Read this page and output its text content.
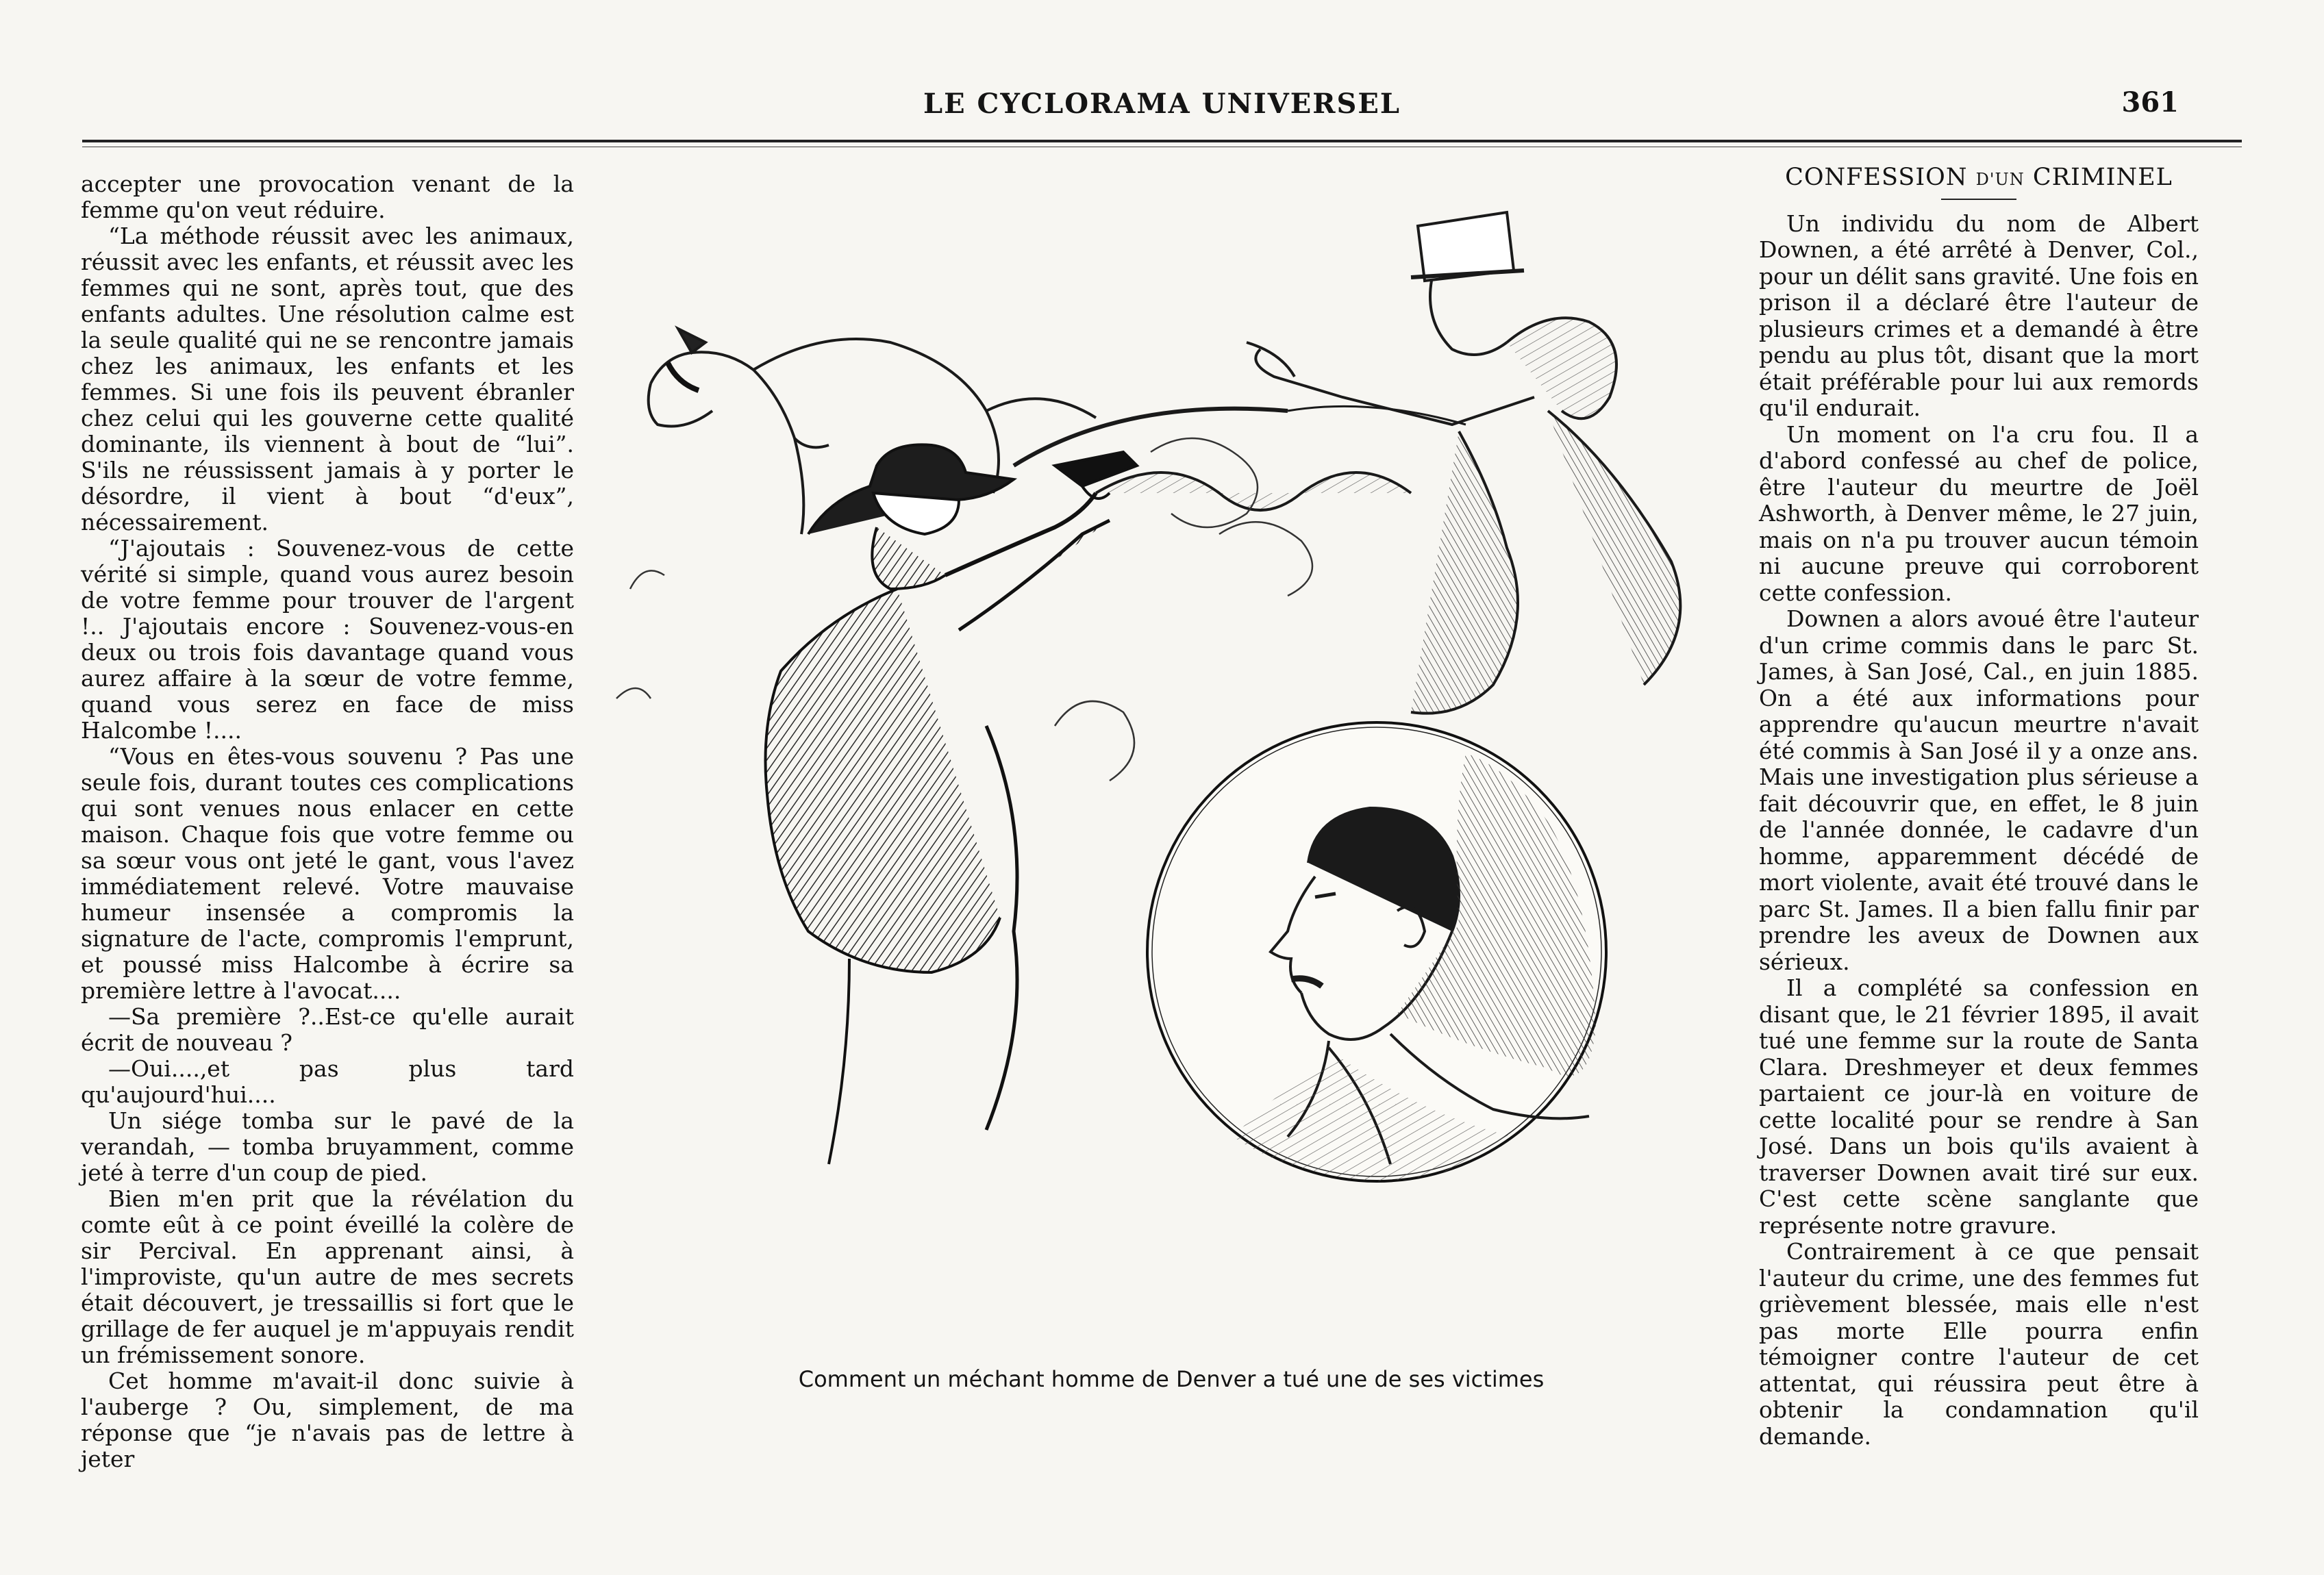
LE CYCLORAMA UNIVERSEL	361

accepter une provocation venant de la femme qu'on veut réduire.

“La méthode réussit avec les animaux, réussit avec les enfants, et réussit avec les femmes qui ne sont, après tout, que des enfants adultes. Une résolution calme est la seule qualité qui ne se rencontre jamais chez les animaux, les enfants et les femmes. Si une fois ils peuvent ébranler chez celui qui les gouverne cette qualité dominante, ils viennent à bout de “lui”. S'ils ne réussissent jamais à y porter le désordre, il vient à bout “d'eux”, nécessairement.

“J'ajoutais : Souvenez-vous de cette vérité si simple, quand vous aurez besoin de votre femme pour trouver de l'argent !.. J'ajoutais encore : Souvenez-vous-en deux ou trois fois davantage quand vous aurez affaire à la sœur de votre femme, quand vous serez en face de miss Halcombe !....

“Vous en êtes-vous souvenu ? Pas une seule fois, durant toutes ces complications qui sont venues nous enlacer en cette maison. Chaque fois que votre femme ou sa sœur vous ont jeté le gant, vous l'avez immédiatement relevé. Votre mauvaise humeur insensée a compromis la signature de l'acte, compromis l'emprunt, et poussé miss Halcombe à écrire sa première lettre à l'avocat....

—Sa première ?..Est-ce qu'elle aurait écrit de nouveau ?

—Oui....,et pas plus tard qu'aujourd'hui....

Un siége tomba sur le pavé de la verandah, — tomba bruyamment, comme jeté à terre d'un coup de pied.

Bien m'en prit que la révélation du comte eût à ce point éveillé la colère de sir Percival. En apprenant ainsi, à l'improviste, qu'un autre de mes secrets était découvert, je tressaillis si fort que le grillage de fer auquel je m'appuyais rendit un frémissement sonore.

Cet homme m'avait-il donc suivie à l'auberge ? Ou, simplement, de ma réponse que “je n'avais pas de lettre à jeter

Comment un méchant homme de Denver a tué une de ses victimes
CONFESSION D'UN CRIMINEL

Un individu du nom de Albert Downen, a été arrêté à Denver, Col., pour un délit sans gravité. Une fois en prison il a déclaré être l'auteur de plusieurs crimes et a demandé à être pendu au plus tôt, disant que la mort était préférable pour lui aux remords qu'il endurait.

Un moment on l'a cru fou. Il a d'abord confessé au chef de police, être l'auteur du meurtre de Joël Ashworth, à Denver même, le 27 juin, mais on n'a pu trouver aucun témoin ni aucune preuve qui corroborent cette confession.

Downen a alors avoué être l'auteur d'un crime commis dans le parc St. James, à San José, Cal., en juin 1885. On a été aux informations pour apprendre qu'aucun meurtre n'avait été commis à San José il y a onze ans. Mais une investigation plus sérieuse a fait découvrir que, en effet, le 8 juin de l'année donnée, le cadavre d'un homme, apparemment décédé de mort violente, avait été trouvé dans le parc St. James. Il a bien fallu finir par prendre les aveux de Downen aux sérieux.

Il a complété sa confession en disant que, le 21 février 1895, il avait tué une femme sur la route de Santa Clara. Dreshmeyer et deux femmes partaient ce jour-là en voiture de cette localité pour se rendre à San José. Dans un bois qu'ils avaient à traverser Downen avait tiré sur eux. C'est cette scène sanglante que représente notre gravure.

Contrairement à ce que pensait l'auteur du crime, une des femmes fut grièvement blessée, mais elle n'est pas morte Elle pourra enfin témoigner contre l'auteur de cet attentat, qui réussira peut être à obtenir la condamnation qu'il demande.
